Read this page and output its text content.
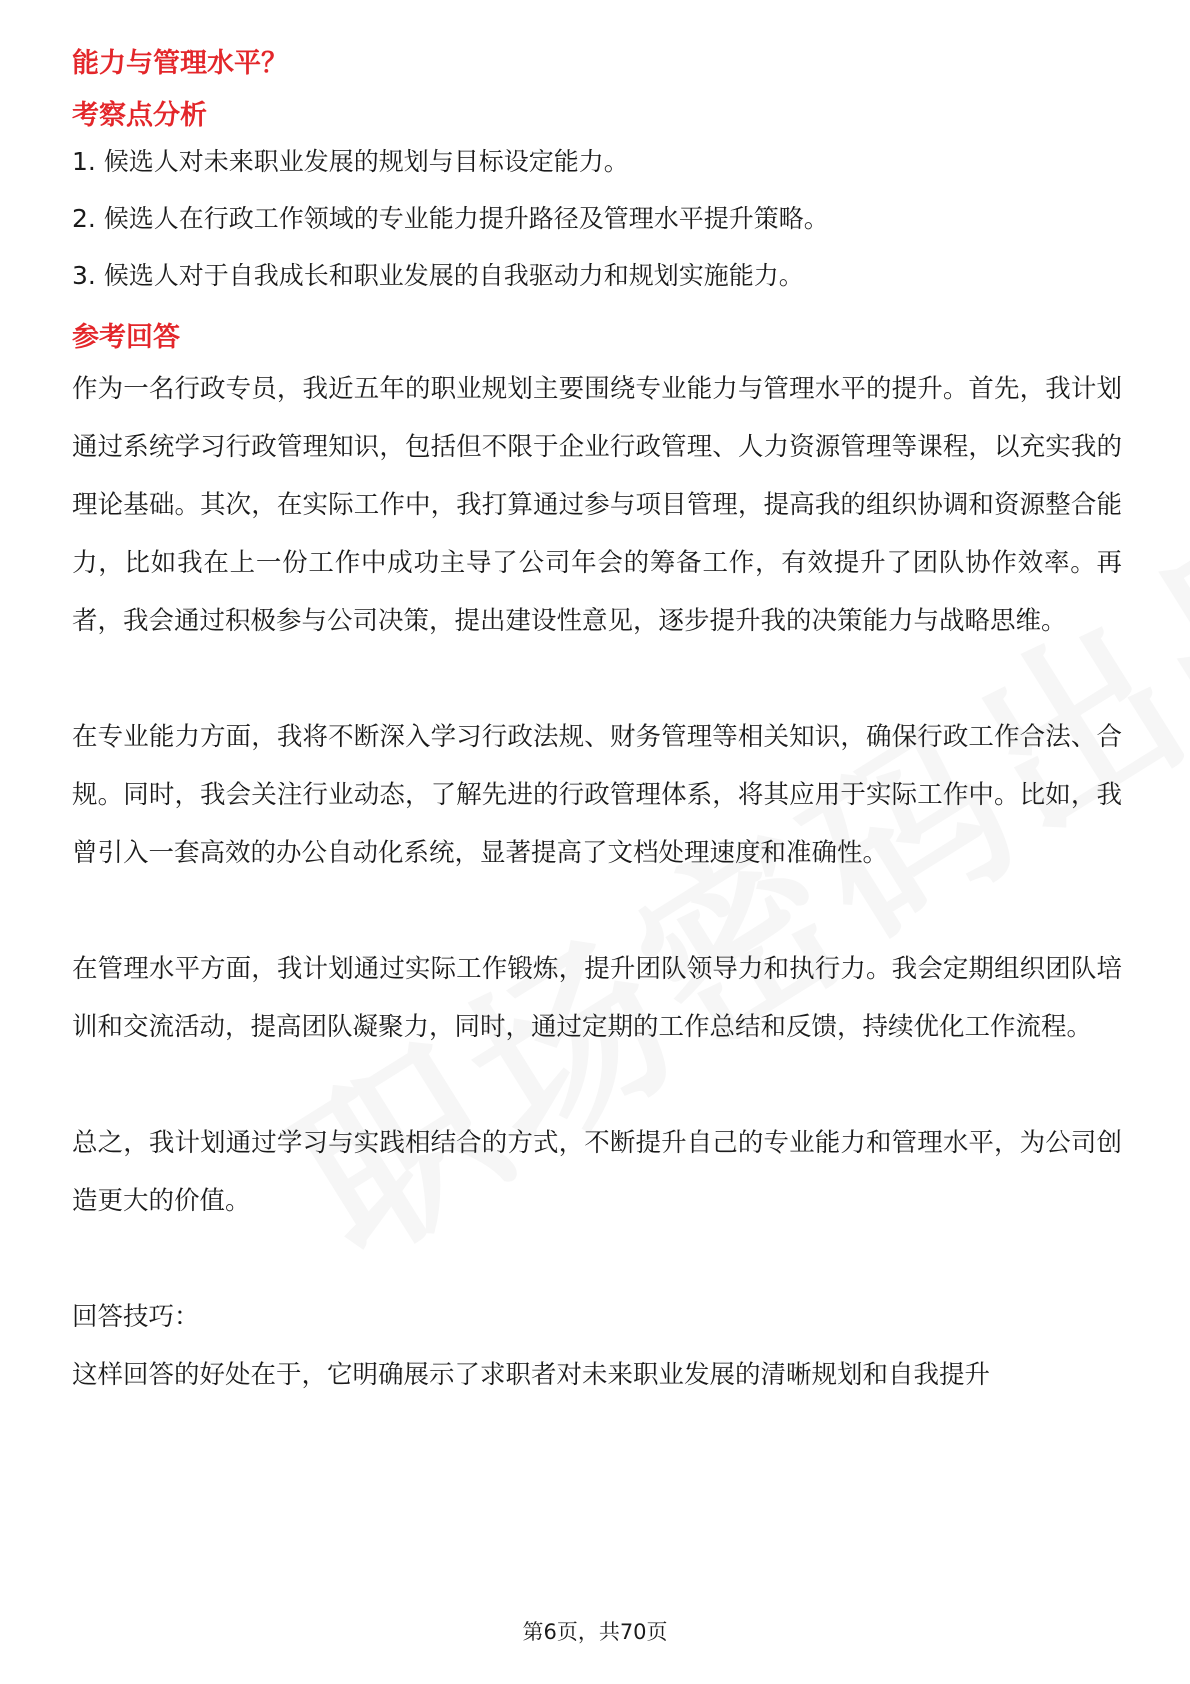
能力与管理水平？

考察点分析

1. 候选人对未来职业发展的规划与目标设定能力。

2. 候选人在行政工作领域的专业能力提升路径及管理水平提升策略。

3. 候选人对于自我成长和职业发展的自我驱动力和规划实施能力。

参考回答

作为一名行政专员，我近五年的职业规划主要围绕专业能力与管理水平的提升。首先，我计划通过系统学习行政管理知识，包括但不限于企业行政管理、人力资源管理等课程，以充实我的理论基础。其次，在实际工作中，我打算通过参与项目管理，提高我的组织协调和资源整合能力，比如我在上一份工作中成功主导了公司年会的筹备工作，有效提升了团队协作效率。再者，我会通过积极参与公司决策，提出建设性意见，逐步提升我的决策能力与战略思维。

在专业能力方面，我将不断深入学习行政法规、财务管理等相关知识，确保行政工作合法、合规。同时，我会关注行业动态，了解先进的行政管理体系，将其应用于实际工作中。比如，我曾引入一套高效的办公自动化系统，显著提高了文档处理速度和准确性。

在管理水平方面，我计划通过实际工作锻炼，提升团队领导力和执行力。我会定期组织团队培训和交流活动，提高团队凝聚力，同时，通过定期的工作总结和反馈，持续优化工作流程。

总之，我计划通过学习与实践相结合的方式，不断提升自己的专业能力和管理水平，为公司创造更大的价值。

回答技巧：

这样回答的好处在于，它明确展示了求职者对未来职业发展的清晰规划和自我提升

第6页，共70页
